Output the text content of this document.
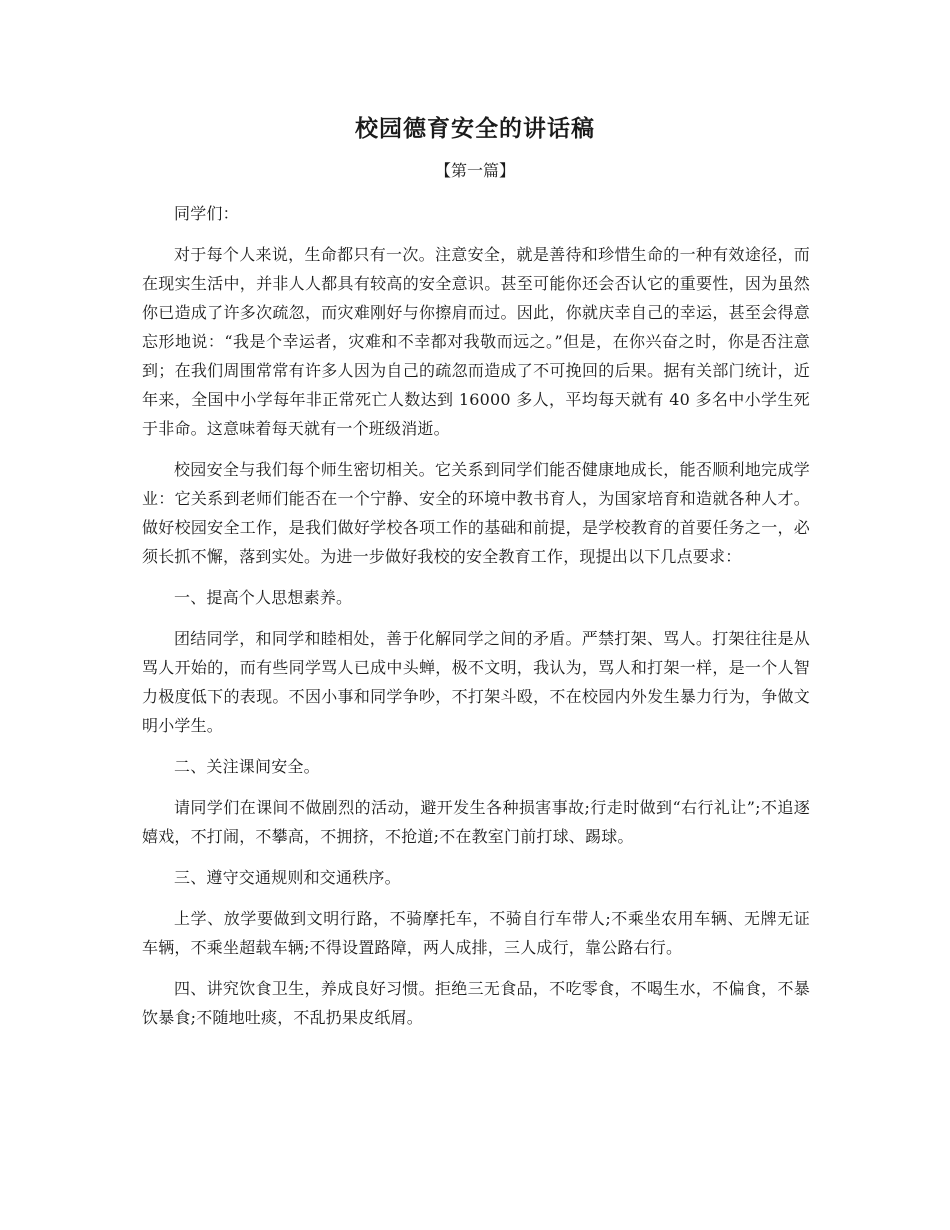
校园德育安全的讲话稿
【第一篇】

同学们：

对于每个人来说，生命都只有一次。注意安全，就是善待和珍惜生命的一种有效途径，而在现实生活中，并非人人都具有较高的安全意识。甚至可能你还会否认它的重要性，因为虽然你已造成了许多次疏忽，而灾难刚好与你擦肩而过。因此，你就庆幸自己的幸运，甚至会得意忘形地说：“我是个幸运者，灾难和不幸都对我敬而远之。”但是，在你兴奋之时，你是否注意到；在我们周围常常有许多人因为自己的疏忽而造成了不可挽回的后果。据有关部门统计，近年来，全国中小学每年非正常死亡人数达到 16000 多人，平均每天就有 40 多名中小学生死于非命。这意味着每天就有一个班级消逝。

校园安全与我们每个师生密切相关。它关系到同学们能否健康地成长，能否顺利地完成学业：它关系到老师们能否在一个宁静、安全的环境中教书育人，为国家培育和造就各种人才。做好校园安全工作，是我们做好学校各项工作的基础和前提，是学校教育的首要任务之一，必须长抓不懈，落到实处。为进一步做好我校的安全教育工作，现提出以下几点要求：

一、提高个人思想素养。

团结同学，和同学和睦相处，善于化解同学之间的矛盾。严禁打架、骂人。打架往往是从骂人开始的，而有些同学骂人已成中头蝉，极不文明，我认为，骂人和打架一样，是一个人智力极度低下的表现。不因小事和同学争吵，不打架斗殴，不在校园内外发生暴力行为，争做文明小学生。

二、关注课间安全。

请同学们在课间不做剧烈的活动，避开发生各种损害事故;行走时做到“右行礼让”;不追逐嬉戏，不打闹，不攀高，不拥挤，不抢道;不在教室门前打球、踢球。

三、遵守交通规则和交通秩序。

上学、放学要做到文明行路，不骑摩托车，不骑自行车带人;不乘坐农用车辆、无牌无证车辆，不乘坐超载车辆;不得设置路障，两人成排，三人成行，靠公路右行。

四、讲究饮食卫生，养成良好习惯。拒绝三无食品，不吃零食，不喝生水，不偏食，不暴饮暴食;不随地吐痰，不乱扔果皮纸屑。
